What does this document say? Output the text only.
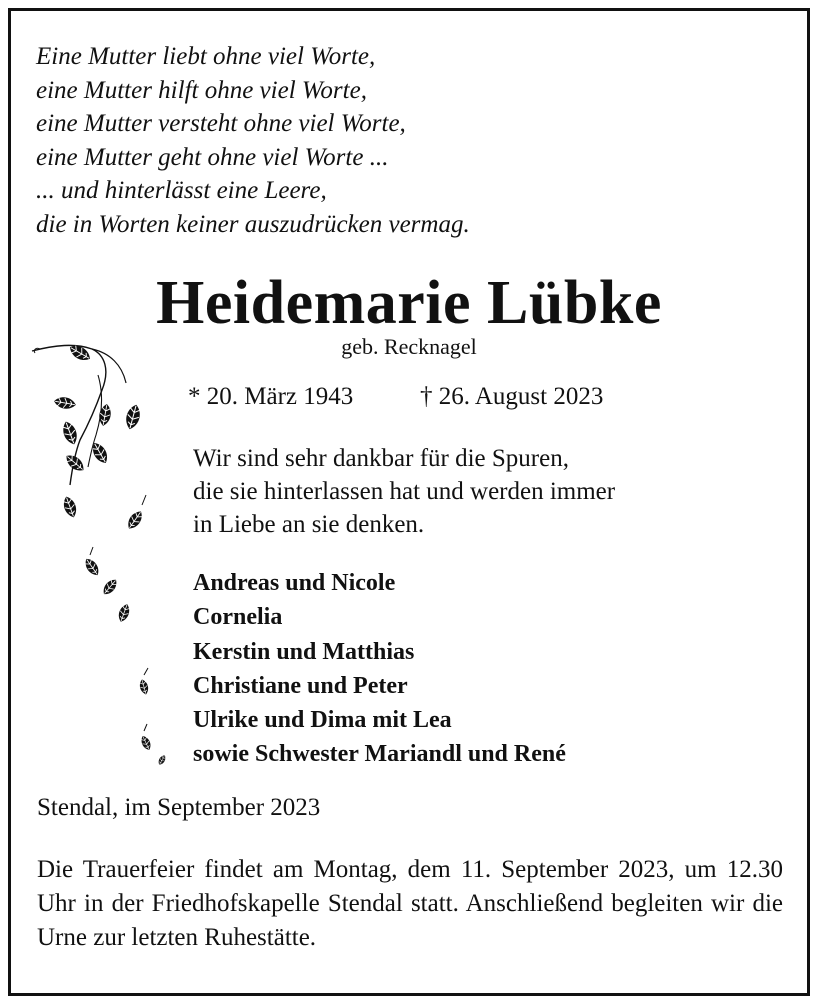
Eine Mutter liebt ohne viel Worte,
eine Mutter hilft ohne viel Worte,
eine Mutter versteht ohne viel Worte,
eine Mutter geht ohne viel Worte ...
... und hinterlässt eine Leere,
die in Worten keiner auszudrücken vermag.
Heidemarie Lübke
geb. Recknagel
* 20. März 1943	† 26. August 2023
Wir sind sehr dankbar für die Spuren,
die sie hinterlassen hat und werden immer
in Liebe an sie denken.
Andreas und Nicole
Cornelia
Kerstin und Matthias
Christiane und Peter
Ulrike und Dima mit Lea
sowie Schwester Mariandl und René
Stendal, im September 2023
Die Trauerfeier findet am Montag, dem 11. September 2023, um 12.30 Uhr in der Friedhofskapelle Stendal statt. Anschließend begleiten wir die Urne zur letzten Ruhestätte.
